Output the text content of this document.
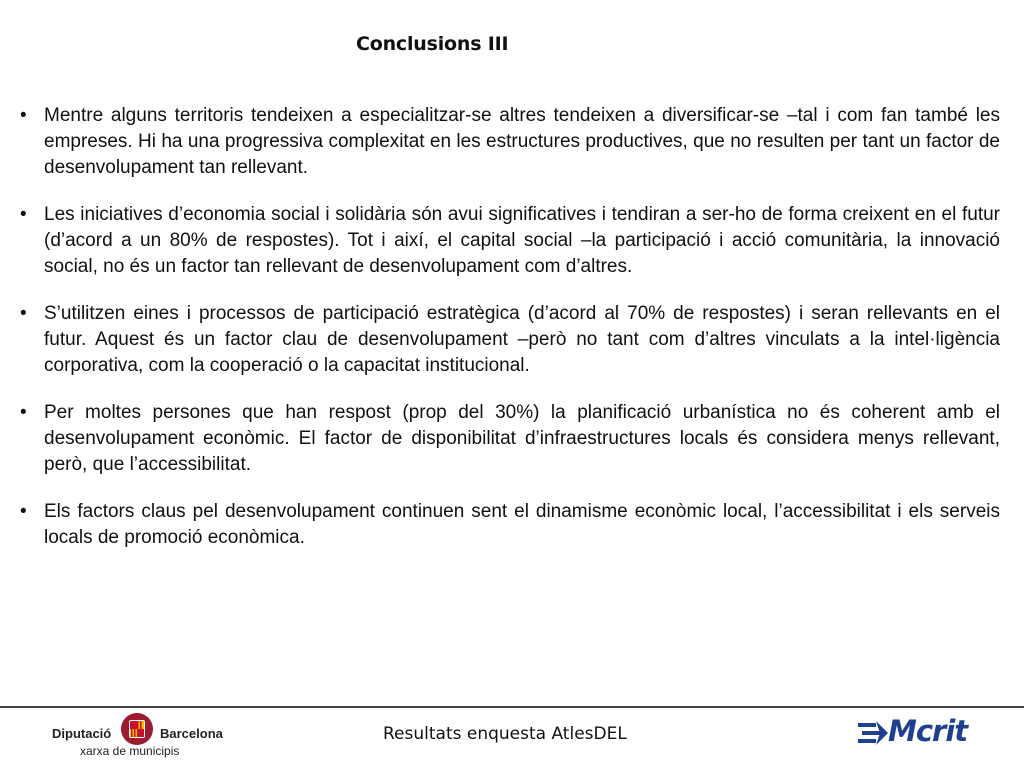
Conclusions III
• Mentre alguns territoris tendeixen a especialitzar-se altres tendeixen a diversificar-se –tal i com fan també les empreses. Hi ha una progressiva complexitat en les estructures productives, que no resulten per tant un factor de desenvolupament tan rellevant.
• Les iniciatives d’economia social i solidària són avui significatives i tendiran a ser-ho de forma creixent en el futur (d’acord a un 80% de respostes). Tot i així, el capital social –la participació i acció comunitària, la innovació social, no és un factor tan rellevant de desenvolupament com d’altres.
• S’utilitzen eines i processos de participació estratègica (d’acord al 70% de respostes) i seran rellevants en el futur. Aquest és un factor clau de desenvolupament –però no tant com d’altres vinculats a la intel·ligència corporativa, com la cooperació o la capacitat institucional.
• Per moltes persones que han respost (prop del 30%) la planificació urbanística no és coherent amb el desenvolupament econòmic. El factor de disponibilitat d’infraestructures locals és considera menys rellevant, però, que l’accessibilitat.
• Els factors claus pel desenvolupament continuen sent el dinamisme econòmic local, l’accessibilitat i els serveis locals de promoció econòmica.
Diputació	Barcelona
xarxa de municipis
Resultats enquesta AtlesDEL	Mcrit
